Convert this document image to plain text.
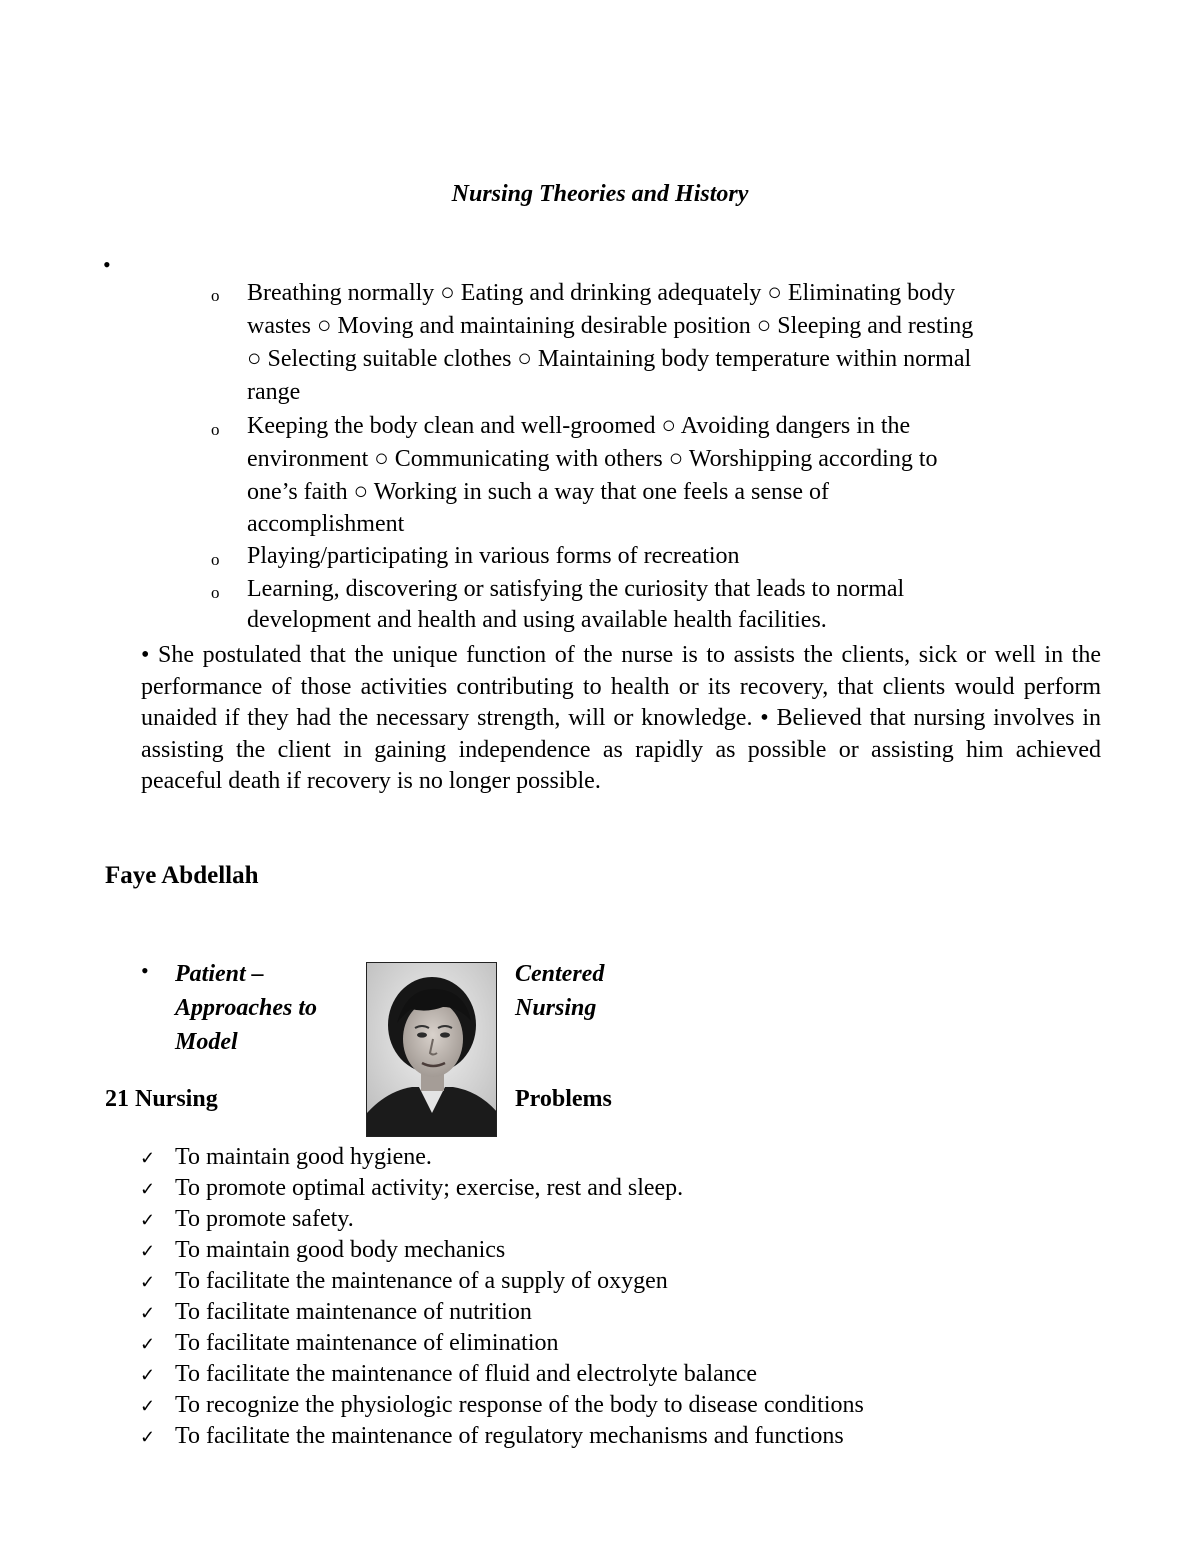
Nursing Theories and History
•
o
o
o
o
Breathing normally ○ Eating and drinking adequately ○ Eliminating body
wastes ○ Moving and maintaining desirable position ○ Sleeping and resting
○ Selecting suitable clothes ○ Maintaining body temperature within normal
range
Keeping the body clean and well-groomed ○ Avoiding dangers in the
environment ○ Communicating with others ○ Worshipping according to
one’s faith ○ Working in such a way that one feels a sense of
accomplishment
Playing/participating in various forms of recreation
Learning, discovering or satisfying the curiosity that leads to normal
development and health and using available health facilities.

• She postulated that the unique function of the nurse is to assists the clients, sick or well in the performance of those activities contributing to health or its recovery, that clients would perform unaided if they had the necessary strength, will or knowledge. • Believed that nursing involves in assisting the client in gaining independence as rapidly as possible or assisting him achieved peaceful death if recovery is no longer possible.

Faye Abdellah
• Patient –
Approaches to
Model
Centered
Nursing
21 Nursing	Problems
✓ To maintain good hygiene.
✓ To promote optimal activity; exercise, rest and sleep.
✓ To promote safety.
✓ To maintain good body mechanics
✓ To facilitate the maintenance of a supply of oxygen
✓ To facilitate maintenance of nutrition
✓ To facilitate maintenance of elimination
✓ To facilitate the maintenance of fluid and electrolyte balance
✓ To recognize the physiologic response of the body to disease conditions
✓ To facilitate the maintenance of regulatory mechanisms and functions
